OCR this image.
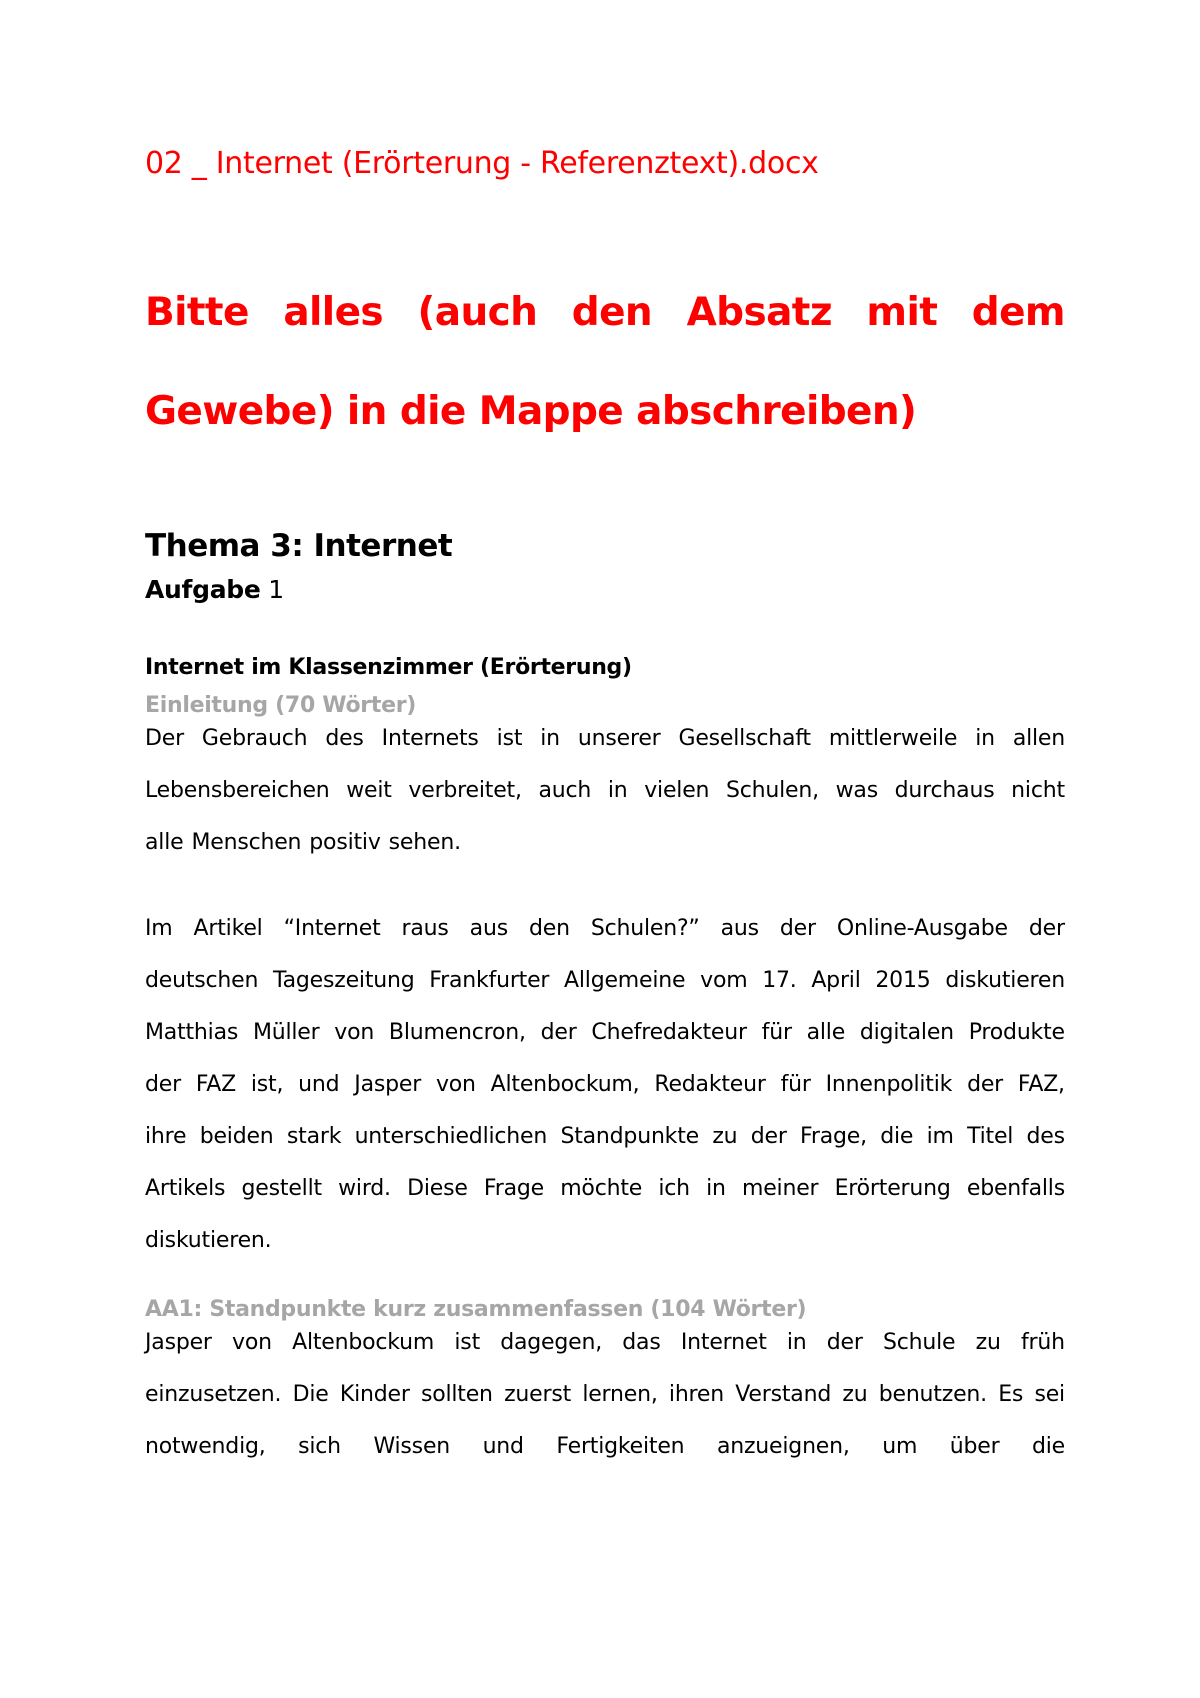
02 _ Internet (Erörterung - Referenztext).docx
Bitte alles (auch den Absatz mit dem
Gewebe) in die Mappe abschreiben)
Thema 3: Internet
Aufgabe 1
Internet im Klassenzimmer (Erörterung)
Einleitung (70 Wörter)
Der Gebrauch des Internets ist in unserer Gesellschaft mittlerweile in allen
Lebensbereichen weit verbreitet, auch in vielen Schulen, was durchaus nicht
alle Menschen positiv sehen.
Im Artikel “Internet raus aus den Schulen?” aus der Online-Ausgabe der
deutschen Tageszeitung Frankfurter Allgemeine vom 17. April 2015 diskutieren
Matthias Müller von Blumencron, der Chefredakteur für alle digitalen Produkte
der FAZ ist, und Jasper von Altenbockum, Redakteur für Innenpolitik der FAZ,
ihre beiden stark unterschiedlichen Standpunkte zu der Frage, die im Titel des
Artikels gestellt wird. Diese Frage möchte ich in meiner Erörterung ebenfalls
diskutieren.
AA1: Standpunkte kurz zusammenfassen (104 Wörter)
Jasper von Altenbockum ist dagegen, das Internet in der Schule zu früh
einzusetzen. Die Kinder sollten zuerst lernen, ihren Verstand zu benutzen. Es sei
notwendig, sich Wissen und Fertigkeiten anzueignen, um über die
